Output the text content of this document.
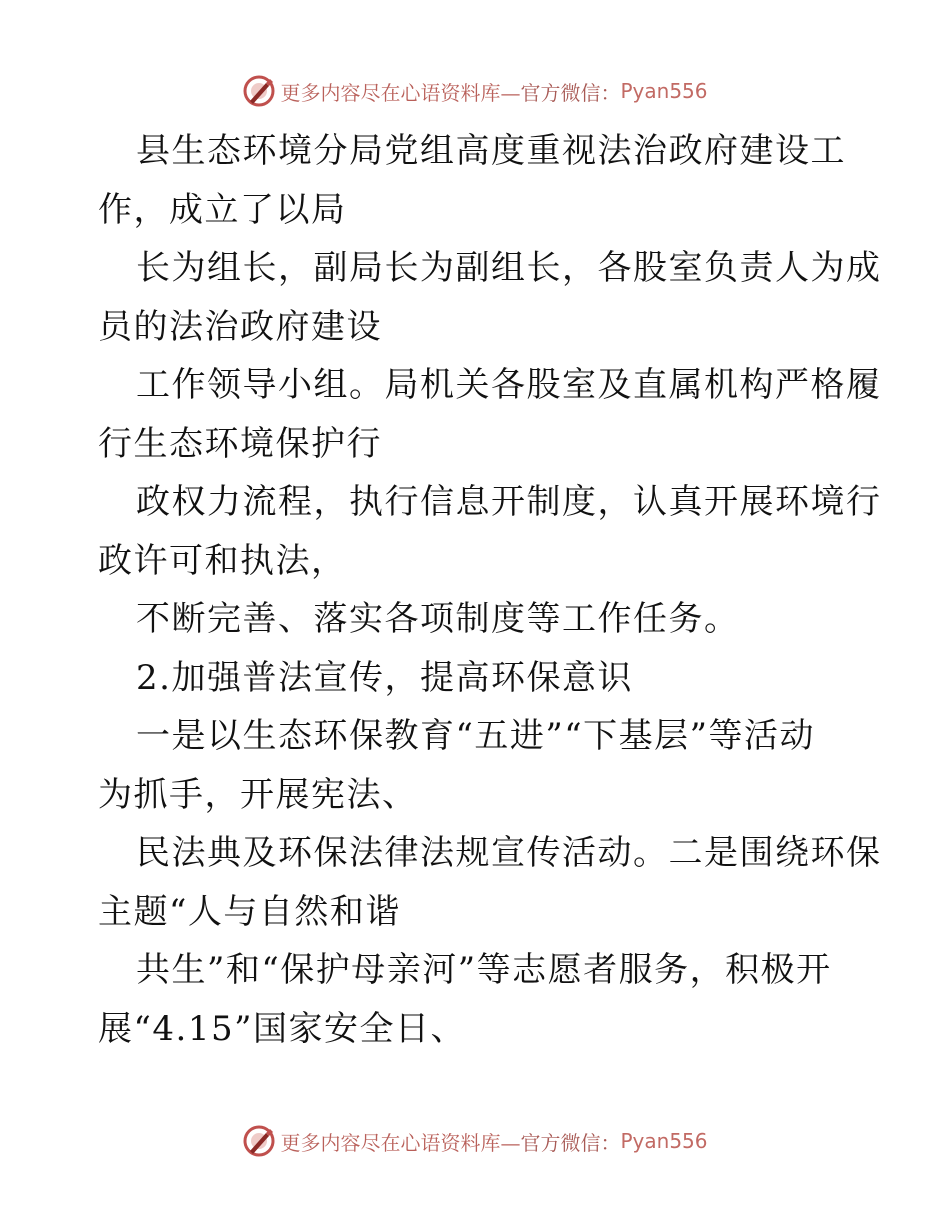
更多内容尽在心语资料库— 官方微信： Pyan556
县生态环境分局党组高度重视法治政府建设工
作，成立了以局
长为组长，副局长为副组长，各股室负责人为成
员的法治政府建设
工作领导小组。局机关各股室及直属机构严格履
行生态环境保护行
政权力流程，执行信息开制度，认真开展环境行
政许可和执法，
不断完善、落实各项制度等工作任务。
2.加强普法宣传，提高环保意识
一是以生态环保教育“五进”“下基层”等活动
为抓手，开展宪法、
民法典及环保法律法规宣传活动。二是围绕环保
主题“人与自然和谐
共生”和“保护母亲河”等志愿者服务，积极开
展“4.15”国家安全日、
更多内容尽在心语资料库— 官方微信： Pyan556
